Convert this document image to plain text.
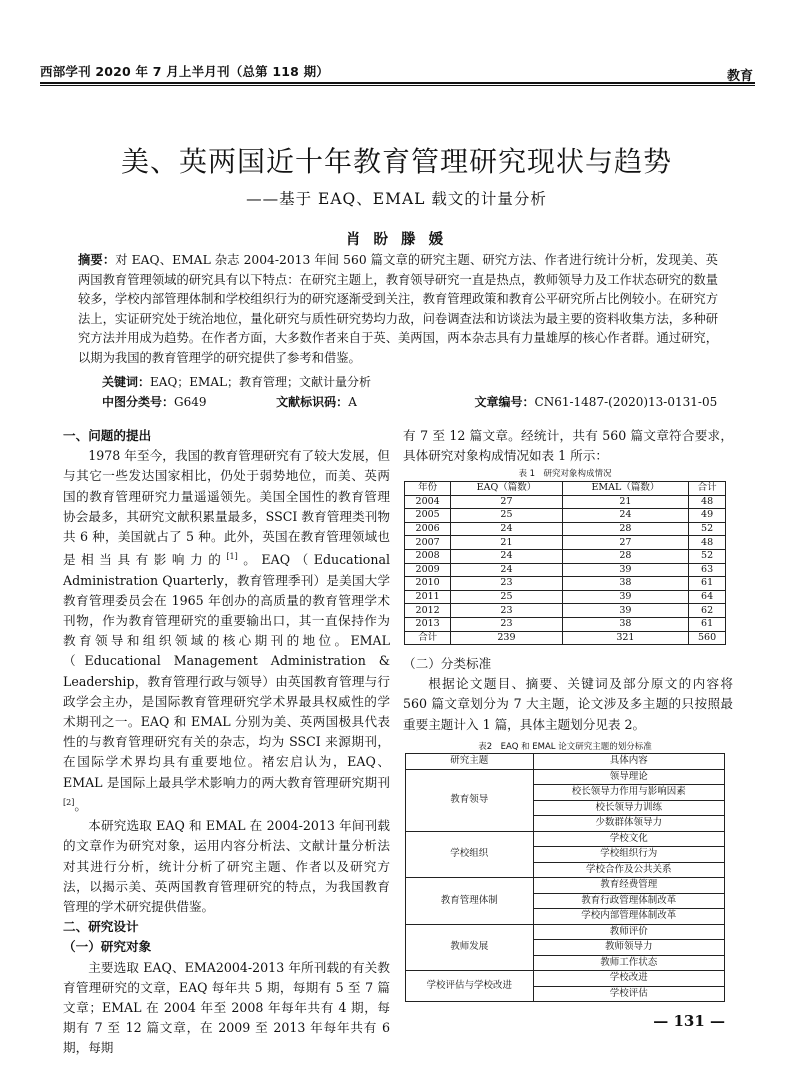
西部学刊 2020 年 7 月上半月刊（总第 118 期）	教育
美、英两国近十年教育管理研究现状与趋势
——基于 EAQ、EMAL 载文的计量分析
肖 盼 滕 媛
摘要：对 EAQ、EMAL 杂志 2004-2013 年间 560 篇文章的研究主题、研究方法、作者进行统计分析，发现美、英两国教育管理领域的研究具有以下特点：在研究主题上，教育领导研究一直是热点，教师领导力及工作状态研究的数量较多，学校内部管理体制和学校组织行为的研究逐渐受到关注，教育管理政策和教育公平研究所占比例较小。在研究方法上，实证研究处于统治地位，量化研究与质性研究势均力敌，问卷调查法和访谈法为最主要的资料收集方法，多种研究方法并用成为趋势。在作者方面，大多数作者来自于英、美两国，两本杂志具有力量雄厚的核心作者群。通过研究，以期为我国的教育管理学的研究提供了参考和借鉴。
关键词：EAQ；EMAL；教育管理；文献计量分析
中图分类号：G649	文献标识码：A	文章编号：CN61-1487-(2020)13-0131-05

一、问题的提出

1978 年至今，我国的教育管理研究有了较大发展，但与其它一些发达国家相比，仍处于弱势地位，而美、英两国的教育管理研究力量遥遥领先。美国全国性的教育管理协会最多，其研究文献积累量最多，SSCI 教育管理类刊物共 6 种，美国就占了 5 种。此外，英国在教育管理领域也是相当具有影响力的[1]。EAQ（Educational Administration Quarterly，教育管理季刊）是美国大学教育管理委员会在 1965 年创办的高质量的教育管理学术刊物，作为教育管理研究的重要输出口，其一直保持作为教育领导和组织领域的核心期刊的地位。EMAL（Educational Management Administration & Leadership，教育管理行政与领导）由英国教育管理与行政学会主办，是国际教育管理研究学术界最具权威性的学术期刊之一。EAQ 和 EMAL 分别为美、英两国极具代表性的与教育管理研究有关的杂志，均为 SSCI 来源期刊，在国际学术界均具有重要地位。褚宏启认为，EAQ、EMAL 是国际上最具学术影响力的两大教育管理研究期刊[2]。

本研究选取 EAQ 和 EMAL 在 2004-2013 年间刊载的文章作为研究对象，运用内容分析法、文献计量分析法对其进行分析，统计分析了研究主题、作者以及研究方法，以揭示美、英两国教育管理研究的特点，为我国教育管理的学术研究提供借鉴。

二、研究设计

（一）研究对象

主要选取 EAQ、EMA2004-2013 年所刊载的有关教育管理研究的文章，EAQ 每年共 5 期，每期有 5 至 7 篇文章；EMAL 在 2004 年至 2008 年每年共有 4 期，每期有 7 至 12 篇文章，在 2009 至 2013 年每年共有 6 期，每期

有 7 至 12 篇文章。经统计，共有 560 篇文章符合要求，具体研究对象构成情况如表 1 所示：

表 1　研究对象构成情况
年份	EAQ（篇数）	EMAL（篇数）	合计
2004	27	21	48
2005	25	24	49
2006	24	28	52
2007	21	27	48
2008	24	28	52
2009	24	39	63
2010	23	38	61
2011	25	39	64
2012	23	39	62
2013	23	38	61
合计	239	321	560

（二）分类标准

根据论文题目、摘要、关键词及部分原文的内容将 560 篇文章划分为 7 大主题，论文涉及多主题的只按照最重要主题计入 1 篇，具体主题划分见表 2。

表2　EAQ 和 EMAL 论文研究主题的划分标准
研究主题	具体内容
教育领导	领导理论
	校长领导力作用与影响因素
	校长领导力训练
	少数群体领导力
学校组织	学校文化
	学校组织行为
	学校合作及公共关系
教育管理体制	教育经费管理
	教育行政管理体制改革
	学校内部管理体制改革
教师发展	教师评价
	教师领导力
	教师工作状态
学校评估与学校改进	学校改进
	学校评估
— 131 —
